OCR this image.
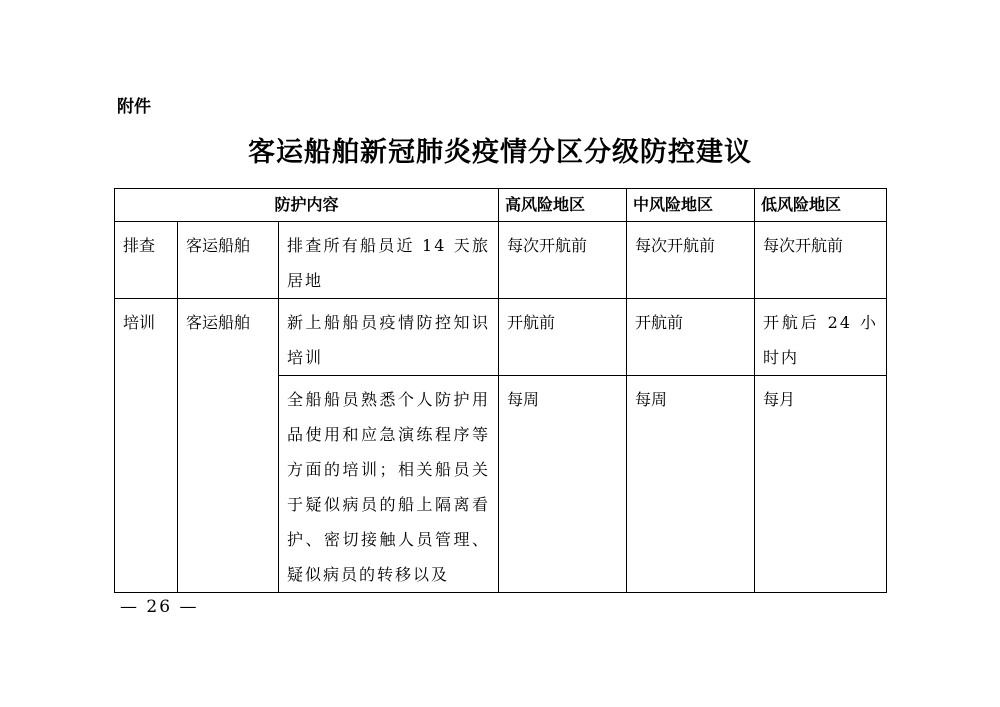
附件
客运船舶新冠肺炎疫情分区分级防控建议
防护内容			高风险地区	中风险地区	低风险地区
排查	客运船舶	排查所有船员近 14 天旅居地	每次开航前	每次开航前	每次开航前
培训	客运船舶	新上船船员疫情防控知识培训	开航前	开航前	开航后 24 小时内
		全船船员熟悉个人防护用品使用和应急演练程序等方面的培训；相关船员关于疑似病员的船上隔离看护、密切接触人员管理、疑似病员的转移以及	每周	每周	每月
— 26 —
